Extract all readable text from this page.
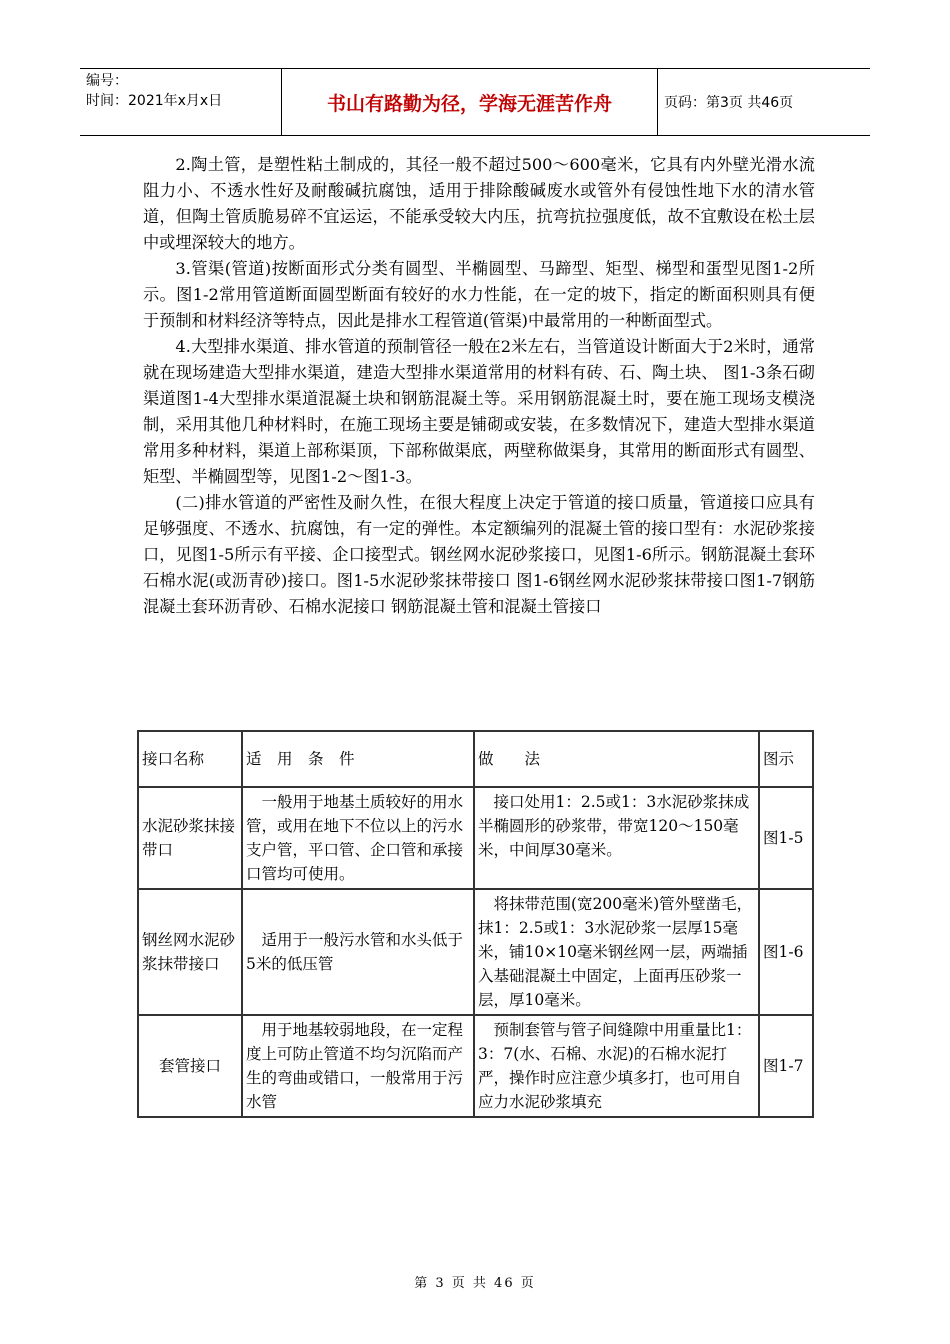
编号：
时间：2021年x月x日	书山有路勤为径，学海无涯苦作舟	页码：第3页 共46页

2.陶土管，是塑性粘土制成的，其径一般不超过500～600毫米，它具有内外壁光滑水流阻力小、不透水性好及耐酸碱抗腐蚀，适用于排除酸碱废水或管外有侵蚀性地下水的清水管道，但陶土管质脆易碎不宜运运，不能承受较大内压，抗弯抗拉强度低，故不宜敷设在松土层中或埋深较大的地方。

3.管渠(管道)按断面形式分类有圆型、半椭圆型、马蹄型、矩型、梯型和蛋型见图1-2所示。图1-2常用管道断面圆型断面有较好的水力性能，在一定的坡下，指定的断面积则具有便于预制和材料经济等特点，因此是排水工程管道(管渠)中最常用的一种断面型式。

4.大型排水渠道、排水管道的预制管径一般在2米左右，当管道设计断面大于2米时，通常就在现场建造大型排水渠道，建造大型排水渠道常用的材料有砖、石、陶土块、 图1-3条石砌渠道图1-4大型排水渠道混凝土块和钢筋混凝土等。采用钢筋混凝土时，要在施工现场支模浇制，采用其他几种材料时，在施工现场主要是铺砌或安装，在多数情况下，建造大型排水渠道常用多种材料，渠道上部称渠顶，下部称做渠底，两壁称做渠身，其常用的断面形式有圆型、矩型、半椭圆型等，见图1-2～图1-3。

(二)排水管道的严密性及耐久性，在很大程度上决定于管道的接口质量，管道接口应具有足够强度、不透水、抗腐蚀，有一定的弹性。本定额编列的混凝土管的接口型有：水泥砂浆接口，见图1-5所示有平接、企口接型式。钢丝网水泥砂浆接口，见图1-6所示。钢筋混凝土套环石棉水泥(或沥青砂)接口。图1-5水泥砂浆抹带接口 图1-6钢丝网水泥砂浆抹带接口图1-7钢筋混凝土套环沥青砂、石棉水泥接口 钢筋混凝土管和混凝土管接口

接口名称	适　用　条　件	做　　法	图示
水泥砂浆抹接带口	一般用于地基土质较好的用水管，或用在地下不位以上的污水支户管，平口管、企口管和承接口管均可使用。	接口处用1：2.5或1：3水泥砂浆抹成半椭圆形的砂浆带，带宽120～150毫米，中间厚30毫米。	图1-5
钢丝网水泥砂浆抹带接口	适用于一般污水管和水头低于5米的低压管	将抹带范围(宽200毫米)管外壁凿毛，抹1：2.5或1：3水泥砂浆一层厚15毫米，铺10×10毫米钢丝网一层，两端插入基础混凝土中固定，上面再压砂浆一层，厚10毫米。	图1-6
套管接口	用于地基较弱地段，在一定程度上可防止管道不均匀沉陷而产生的弯曲或错口，一般常用于污水管	预制套管与管子间缝隙中用重量比1：3：7(水、石棉、水泥)的石棉水泥打严，操作时应注意少填多打，也可用自应力水泥砂浆填充	图1-7
第 3 页 共 46 页
